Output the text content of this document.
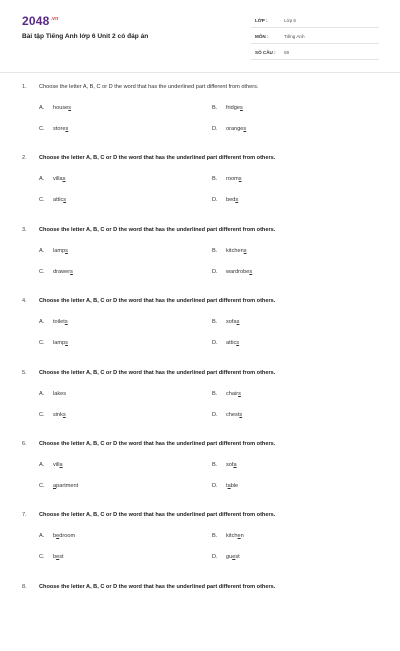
$2048^{.vn}$
Bài tập Tiếng Anh lớp 6 Unit 2 có đáp án
LỚP :	Lớp 6
MÔN :	Tiếng Anh
SỐ CÂU : 59
1. Choose the letter A, B, C or D the word that has the underlined part different from others.
A. houses	B. fridges
C. stores	D. oranges
2. Choose the letter A, B, C or D the word that has the underlined part different from others.
A. villas	B. rooms
C. attics	D. beds
3. Choose the letter A, B, C or D the word that has the underlined part different from others.
A. lamps	B. kitchens
C. drawers	D. wardrobes
4. Choose the letter A, B, C or D the word that has the underlined part different from others.
A. toilets	B. sofas
C. lamps	D. attics
5. Choose the letter A, B, C or D the word that has the underlined part different from others.
A. lakes	B. chairs
C. sinks	D. chests
6. Choose the letter A, B, C or D the word that has the underlined part different from others.
A. villa	B. sofa
C. apartment	D. table
7. Choose the letter A, B, C or D the word that has the underlined part different from others.
A. bedroom	B. kitchen
C. best	D. guest
8. Choose the letter A, B, C or D the word that has the underlined part different from others.
